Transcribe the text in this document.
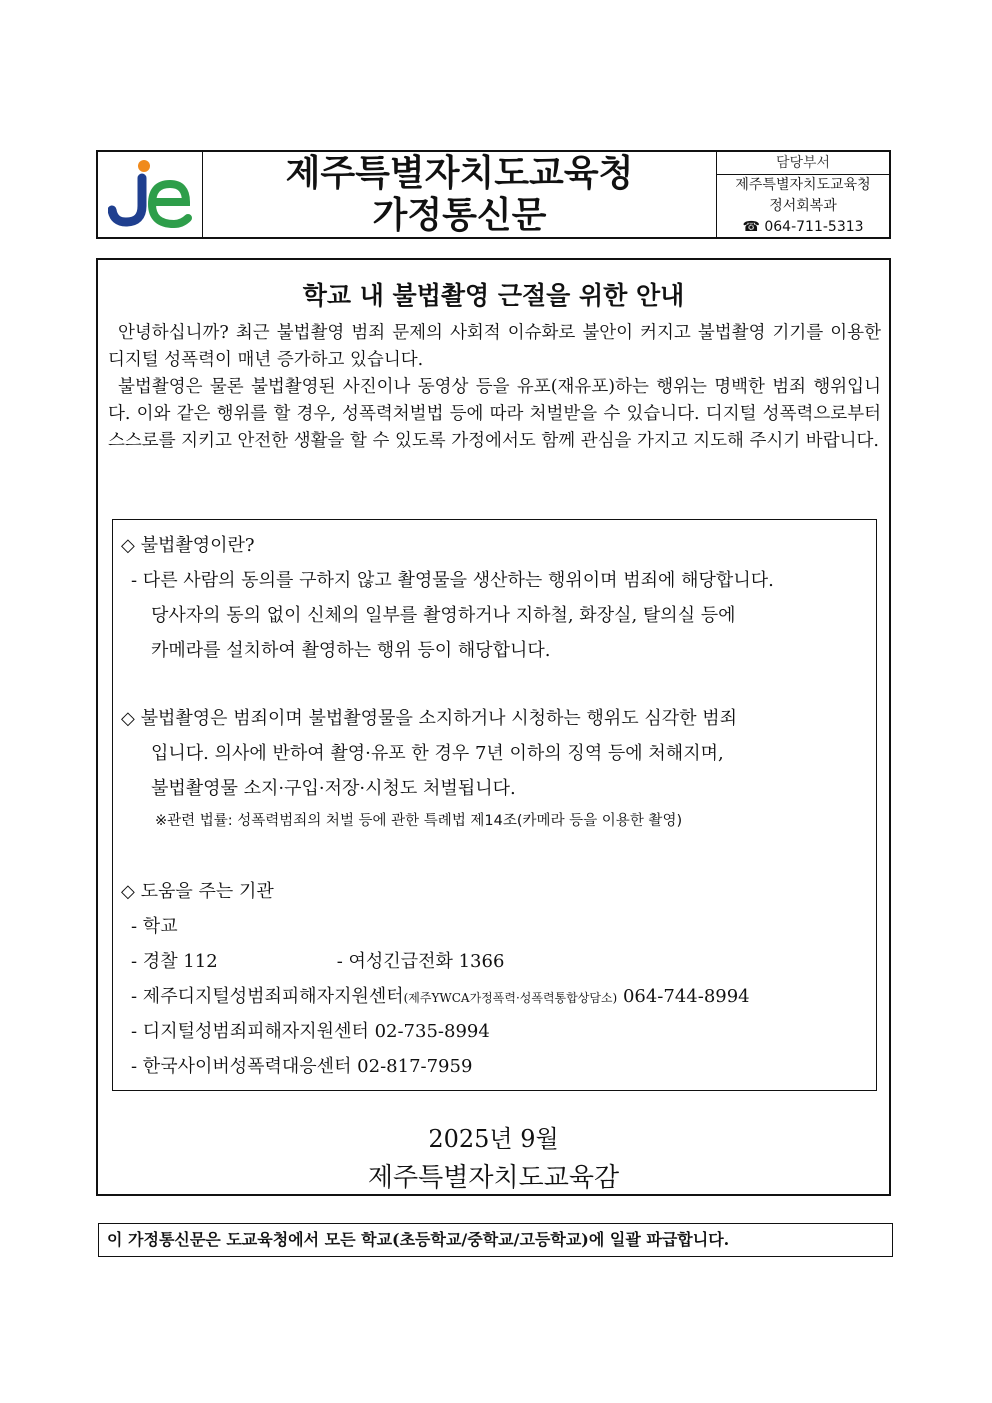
제주특별자치도교육청
가정통신문
담당부서
제주특별자치도교육청
정서회복과
☎ 064-711-5313
학교 내 불법촬영 근절을 위한 안내

안녕하십니까? 최근 불법촬영 범죄 문제의 사회적 이슈화로 불안이 커지고 불법촬영 기기를 이용한 디지털 성폭력이 매년 증가하고 있습니다.

불법촬영은 물론 불법촬영된 사진이나 동영상 등을 유포(재유포)하는 행위는 명백한 범죄 행위입니다. 이와 같은 행위를 할 경우, 성폭력처벌법 등에 따라 처벌받을 수 있습니다. 디지털 성폭력으로부터 스스로를 지키고 안전한 생활을 할 수 있도록 가정에서도 함께 관심을 가지고 지도해 주시기 바랍니다.

◇ 불법촬영이란?
- 다른 사람의 동의를 구하지 않고 촬영물을 생산하는 행위이며 범죄에 해당합니다.
당사자의 동의 없이 신체의 일부를 촬영하거나 지하철, 화장실, 탈의실 등에
카메라를 설치하여 촬영하는 행위 등이 해당합니다.
◇ 불법촬영은 범죄이며 불법촬영물을 소지하거나 시청하는 행위도 심각한 범죄
입니다. 의사에 반하여 촬영·유포 한 경우 7년 이하의 징역 등에 처해지며,
불법촬영물 소지·구입·저장·시청도 처벌됩니다.
※관련 법률: 성폭력범죄의 처벌 등에 관한 특례법 제14조(카메라 등을 이용한 촬영)
◇ 도움을 주는 기관
- 학교
- 경찰 112	- 여성긴급전화 1366
- 제주디지털성범죄피해자지원센터(제주YWCA가정폭력·성폭력통합상담소) 064-744-8994
- 디지털성범죄피해자지원센터 02-735-8994
- 한국사이버성폭력대응센터 02-817-7959
2025년 9월
제주특별자치도교육감
이 가정통신문은 도교육청에서 모든 학교(초등학교/중학교/고등학교)에 일괄 파급합니다.
